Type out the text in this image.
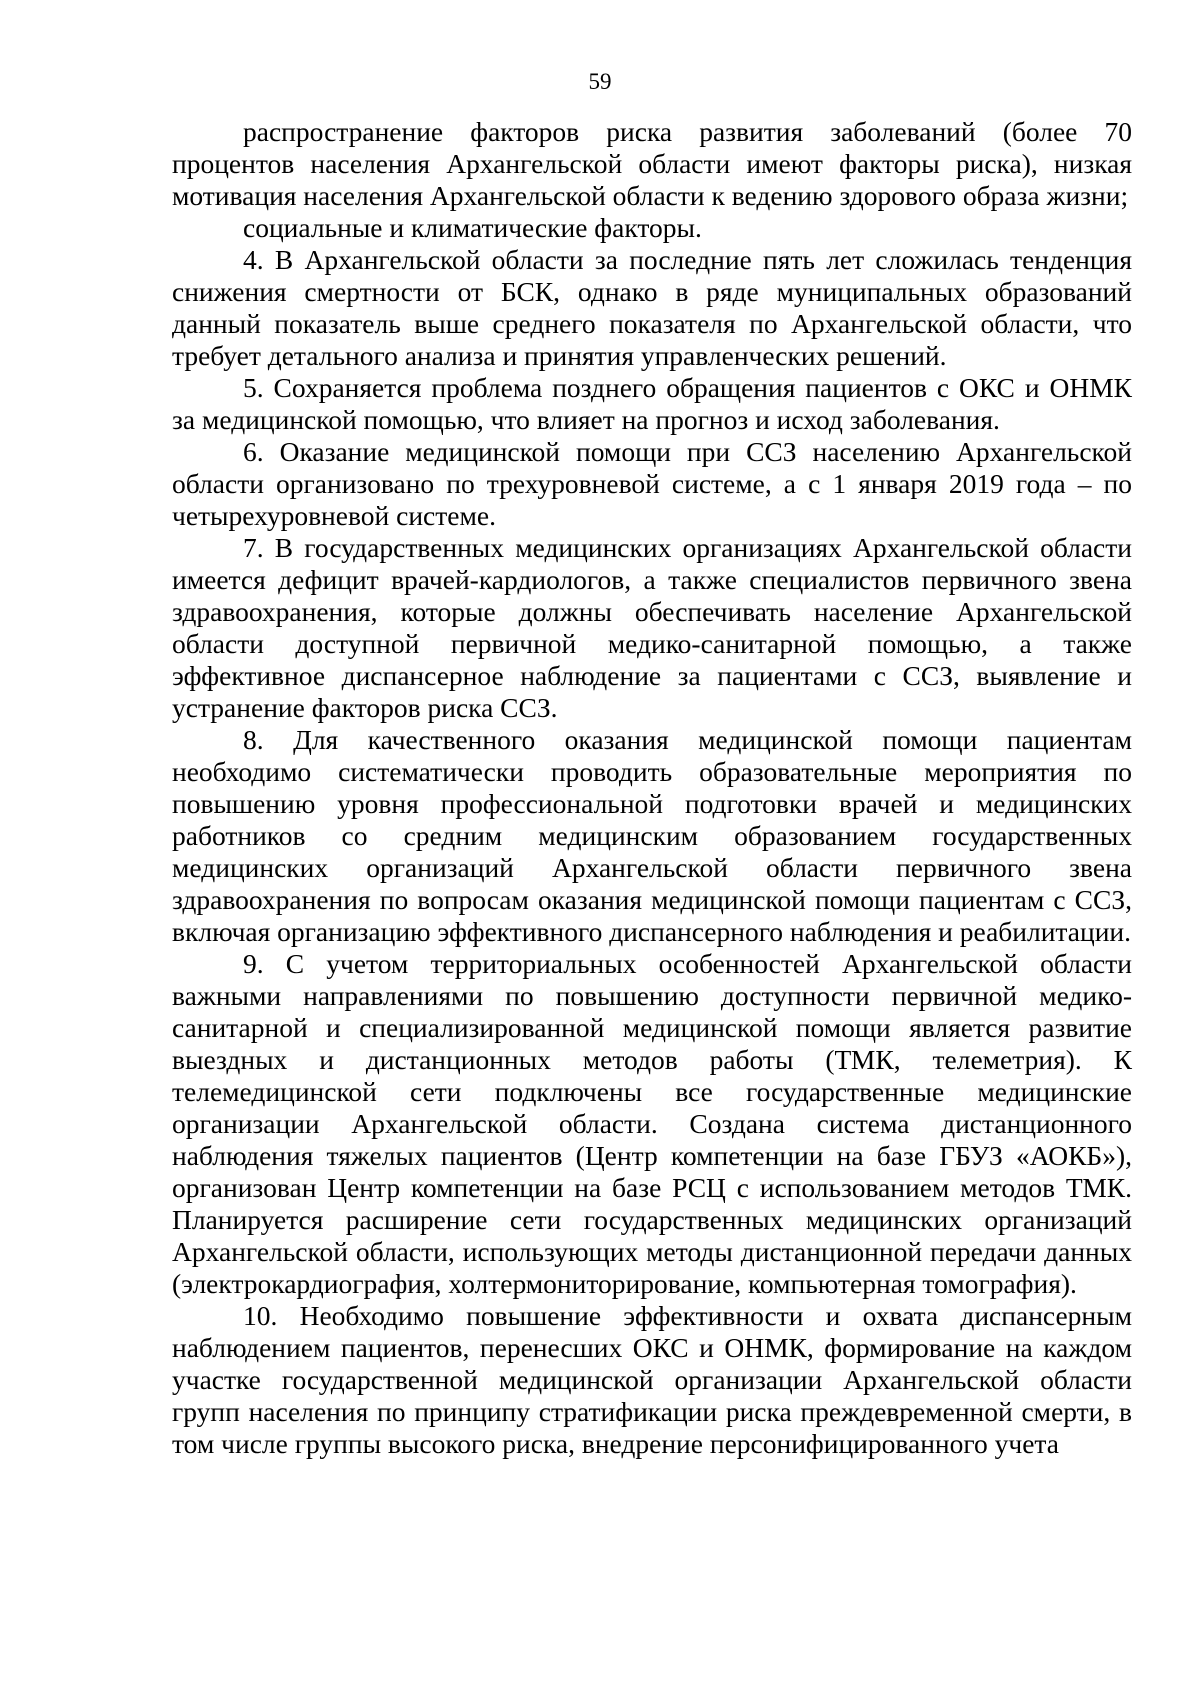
59

распространение факторов риска развития заболеваний (более 70 процентов населения Архангельской области имеют факторы риска), низкая мотивация населения Архангельской области к ведению здорового образа жизни;

социальные и климатические факторы.

4. В Архангельской области за последние пять лет сложилась тенденция снижения смертности от БСК, однако в ряде муниципальных образований данный показатель выше среднего показателя по Архангельской области, что требует детального анализа и принятия управленческих решений.

5. Сохраняется проблема позднего обращения пациентов с ОКС и ОНМК за медицинской помощью, что влияет на прогноз и исход заболевания.

6. Оказание медицинской помощи при ССЗ населению Архангельской области организовано по трехуровневой системе, а с 1 января 2019 года – по четырехуровневой системе.

7. В государственных медицинских организациях Архангельской области имеется дефицит врачей-кардиологов, а также специалистов первичного звена здравоохранения, которые должны обеспечивать население Архангельской области доступной первичной медико-санитарной помощью, а также эффективное диспансерное наблюдение за пациентами с ССЗ, выявление и устранение факторов риска ССЗ.

8. Для качественного оказания медицинской помощи пациентам необходимо систематически проводить образовательные мероприятия по повышению уровня профессиональной подготовки врачей и медицинских работников со средним медицинским образованием государственных медицинских организаций Архангельской области первичного звена здравоохранения по вопросам оказания медицинской помощи пациентам с ССЗ, включая организацию эффективного диспансерного наблюдения и реабилитации.

9. С учетом территориальных особенностей Архангельской области важными направлениями по повышению доступности первичной медико-санитарной и специализированной медицинской помощи является развитие выездных и дистанционных методов работы (ТМК, телеметрия). К телемедицинской сети подключены все государственные медицинские организации Архангельской области. Создана система дистанционного наблюдения тяжелых пациентов (Центр компетенции на базе ГБУЗ «АОКБ»), организован Центр компетенции на базе РСЦ с использованием методов ТМК. Планируется расширение сети государственных медицинских организаций Архангельской области, использующих методы дистанционной передачи данных (электрокардиография, холтермониторирование, компьютерная томография).

10. Необходимо повышение эффективности и охвата диспансерным наблюдением пациентов, перенесших ОКС и ОНМК, формирование на каждом участке государственной медицинской организации Архангельской области групп населения по принципу стратификации риска преждевременной смерти, в том числе группы высокого риска, внедрение персонифицированного учета
